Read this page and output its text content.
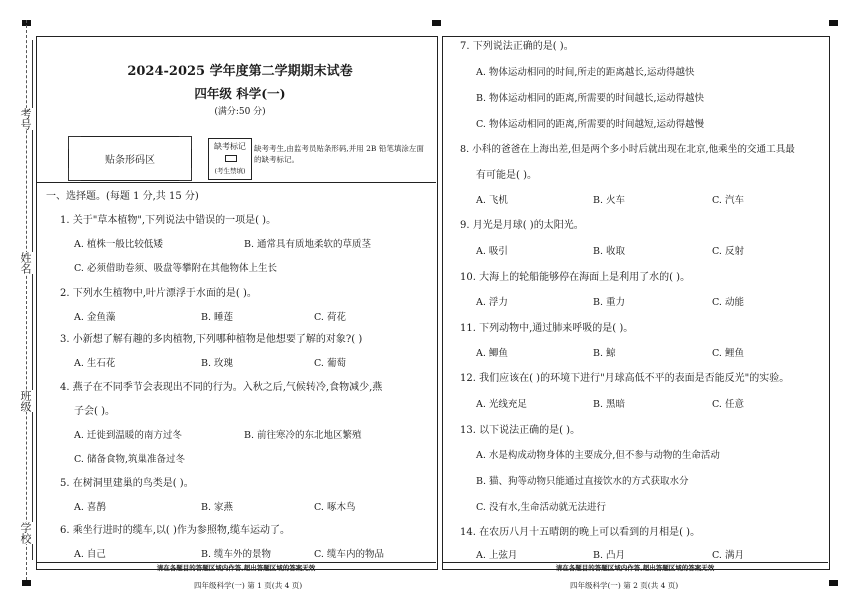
考号
姓名
班级
学校
2024-2025 学年度第二学期期末试卷
四年级 科学(一)
(满分:50 分)
贴条形码区
缺考标记
(考生禁填)
缺考考生,由监考员贴条形码,并用 2B 铅笔填涂左面的缺考标记。
一、选择题。(每题 1 分,共 15 分)
1. 关于"草本植物",下列说法中错误的一项是( )。
A. 植株一般比较低矮	B. 通常具有质地柔软的草质茎
C. 必须借助卷须、吸盘等攀附在其他物体上生长
2. 下列水生植物中,叶片漂浮于水面的是( )。
A. 金鱼藻	B. 睡莲	C. 荷花
3. 小新想了解有趣的多肉植物,下列哪种植物是他想要了解的对象?( )
A. 生石花	B. 玫瑰	C. 葡萄
4. 燕子在不同季节会表现出不同的行为。入秋之后,气候转冷,食物减少,燕
子会( )。
A. 迁徙到温暖的南方过冬	B. 前往寒冷的东北地区繁殖
C. 储备食物,筑巢准备过冬
5. 在树洞里建巢的鸟类是( )。
A. 喜鹊	B. 家燕	C. 啄木鸟
6. 乘坐行进时的缆车,以( )作为参照物,缆车运动了。
A. 自己	B. 缆车外的景物	C. 缆车内的物品
请在各题目的答题区域内作答,超出答题区域的答案无效
四年级科学(一) 第 1 页(共 4 页)
7. 下列说法正确的是( )。
A. 物体运动相同的时间,所走的距离越长,运动得越快
B. 物体运动相同的距离,所需要的时间越长,运动得越快
C. 物体运动相同的距离,所需要的时间越短,运动得越慢
8. 小科的爸爸在上海出差,但是两个多小时后就出现在北京,他乘坐的交通工具最
有可能是( )。
A. 飞机	B. 火车	C. 汽车
9. 月光是月球( )的太阳光。
A. 吸引	B. 收取	C. 反射
10. 大海上的轮船能够停在海面上是利用了水的( )。
A. 浮力	B. 重力	C. 动能
11. 下列动物中,通过肺来呼吸的是( )。
A. 鲫鱼	B. 鲸	C. 鲤鱼
12. 我们应该在( )的环境下进行"月球高低不平的表面是否能反光"的实验。
A. 光线充足	B. 黑暗	C. 任意
13. 以下说法正确的是( )。
A. 水是构成动物身体的主要成分,但不参与动物的生命活动
B. 猫、狗等动物只能通过直接饮水的方式获取水分
C. 没有水,生命活动就无法进行
14. 在农历八月十五晴朗的晚上可以看到的月相是( )。
A. 上弦月	B. 凸月	C. 满月
请在各题目的答题区域内作答,超出答题区域的答案无效
四年级科学(一) 第 2 页(共 4 页)
